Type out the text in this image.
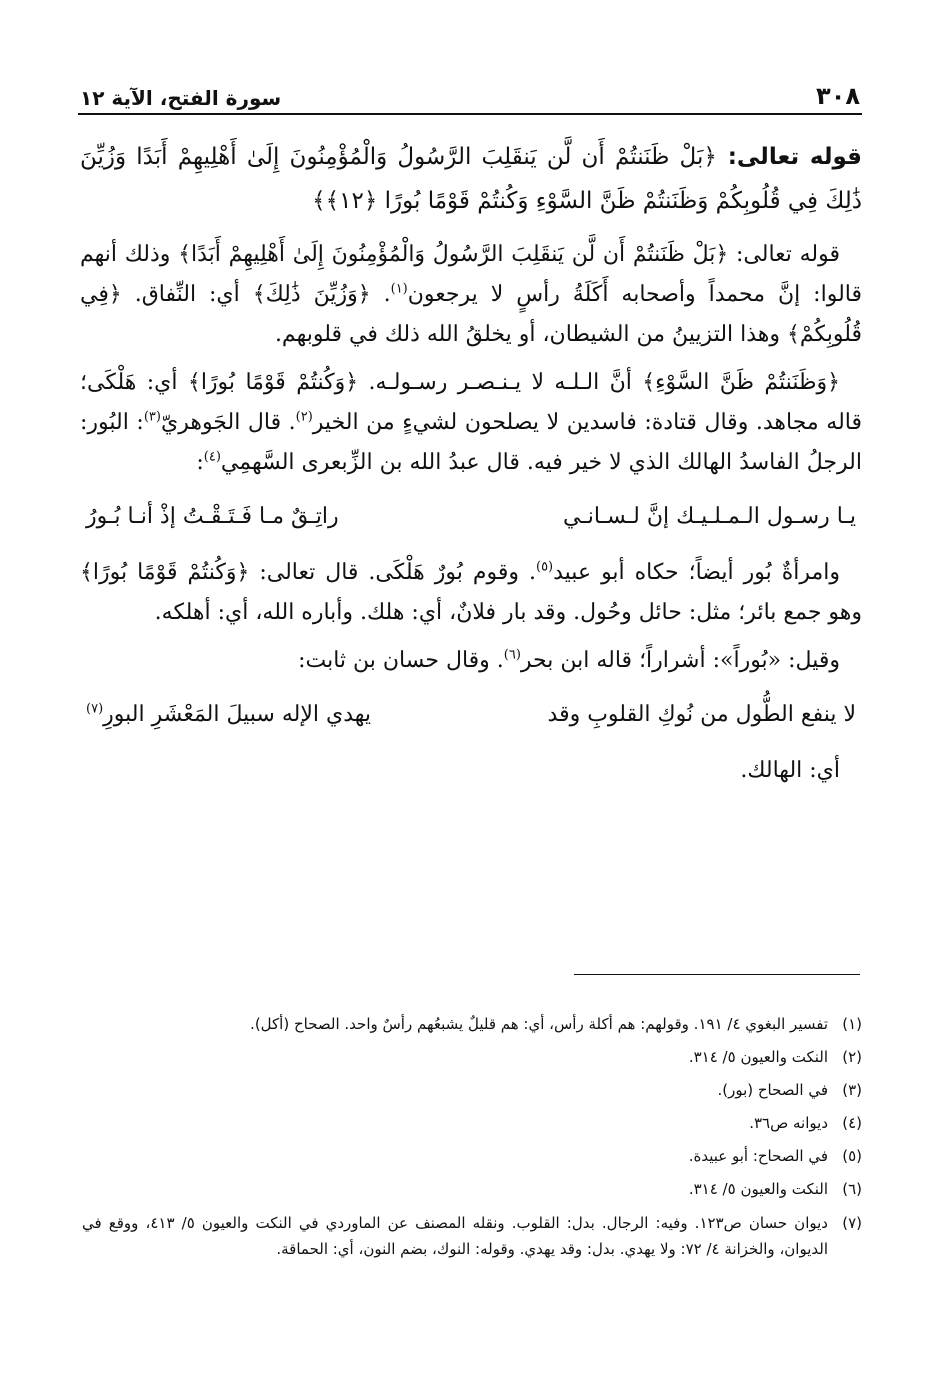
٣٠٨
سورة الفتح، الآية ١٢

قوله تعالى: ﴿بَلْ ظَنَنتُمْ أَن لَّن يَنقَلِبَ الرَّسُولُ وَالْمُؤْمِنُونَ إِلَىٰ أَهْلِيهِمْ أَبَدًا وَزُيِّنَ ذَٰلِكَ فِي قُلُوبِكُمْ وَظَنَنتُمْ ظَنَّ السَّوْءِ وَكُنتُمْ قَوْمًا بُورًا ﴿١٢﴾﴾

قوله تعالى: ﴿بَلْ ظَنَنتُمْ أَن لَّن يَنقَلِبَ الرَّسُولُ وَالْمُؤْمِنُونَ إِلَىٰ أَهْلِيهِمْ أَبَدًا﴾ وذلك أنهم قالوا: إنَّ محمداً وأصحابه أَكَلَةُ رأسٍ لا يرجعون$^{(١)}$. ﴿وَزُيِّنَ ذَٰلِكَ﴾ أي: النِّفاق. ﴿فِي قُلُوبِكُمْ﴾ وهذا التزيينُ من الشيطان، أو يخلقُ الله ذلك في قلوبهم.

﴿وَظَنَنتُمْ ظَنَّ السَّوْءِ﴾ أنَّ الـلـه لا يـنـصـر رسـولـه. ﴿وَكُنتُمْ قَوْمًا بُورًا﴾ أي: هَلْكَى؛ قاله مجاهد. وقال قتادة: فاسدين لا يصلحون لشيءٍ من الخير$^{(٢)}$. قال الجَوهريّ$^{(٣)}$: البُور: الرجلُ الفاسدُ الهالك الذي لا خير فيه. قال عبدُ الله بن الزِّبعرى السَّهمِي$^{(٤)}$:

يـا رسـول الـمـلـيـك إنَّ لـسـانـي
راتِـقٌ مـا فَـتَـقْـتُ إذْ أنـا بُـورُ

وامرأةٌ بُور أيضاً؛ حكاه أبو عبيد$^{(٥)}$. وقوم بُورٌ هَلْكَى. قال تعالى: ﴿وَكُنتُمْ قَوْمًا بُورًا﴾ وهو جمع بائر؛ مثل: حائل وحُول. وقد بار فلانٌ، أي: هلك. وأباره الله، أي: أهلكه.

وقيل: «بُوراً»: أشراراً؛ قاله ابن بحر$^{(٦)}$. وقال حسان بن ثابت:

لا ينفع الطُّول من نُوكِ القلوبِ وقد
يهدي الإله سبيلَ المَعْشَرِ البورِ$^{(٧)}$

أي: الهالك.

(١)
تفسير البغوي ٤/ ١٩١. وقولهم: هم أكلة رأس، أي: هم قليلٌ يشبعُهم رأسٌ واحد. الصحاح (أكل).
(٢)
النكت والعيون ٥/ ٣١٤.
(٣)
في الصحاح (بور).
(٤)
ديوانه ص٣٦.
(٥)
في الصحاح: أبو عبيدة.
(٦)
النكت والعيون ٥/ ٣١٤.
(٧)
ديوان حسان ص١٢٣. وفيه: الرجال. بدل: القلوب. ونقله المصنف عن الماوردي في النكت والعيون ٥/ ٤١٣، ووقع في الديوان، والخزانة ٤/ ٧٢: ولا يهدي. بدل: وقد يهدي. وقوله: النوك، بضم النون، أي: الحماقة.
